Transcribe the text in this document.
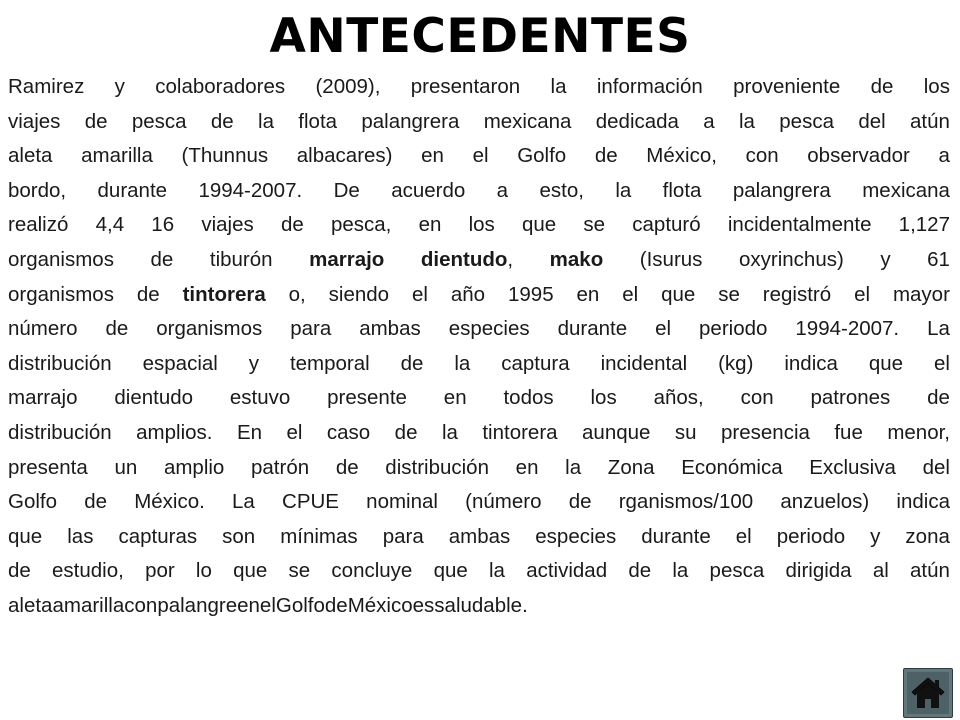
ANTECEDENTES
Ramirez y colaboradores (2009), presentaron la información proveniente de los
viajes de pesca de la flota palangrera mexicana dedicada a la pesca del atún
aleta amarilla (Thunnus albacares) en el Golfo de México, con observador a
bordo, durante 1994-2007. De acuerdo a esto, la flota palangrera mexicana
realizó 4,4 16 viajes de pesca, en los que se capturó incidentalmente 1,127
organismos de tiburón marrajo dientudo, mako (Isurus oxyrinchus) y 61
organismos de tintorera o, siendo el año 1995 en el que se registró el mayor
número de organismos para ambas especies durante el periodo 1994-2007. La
distribución espacial y temporal de la captura incidental (kg) indica que el
marrajo dientudo estuvo presente en todos los años, con patrones de
distribución amplios. En el caso de la tintorera aunque su presencia fue menor,
presenta un amplio patrón de distribución en la Zona Económica Exclusiva del
Golfo de México. La CPUE nominal (número de rganismos/100 anzuelos) indica
que las capturas son mínimas para ambas especies durante el periodo y zona
de estudio, por lo que se concluye que la actividad de la pesca dirigida al atún
aleta amarilla con palangre en el Golfo de México es saludable.
